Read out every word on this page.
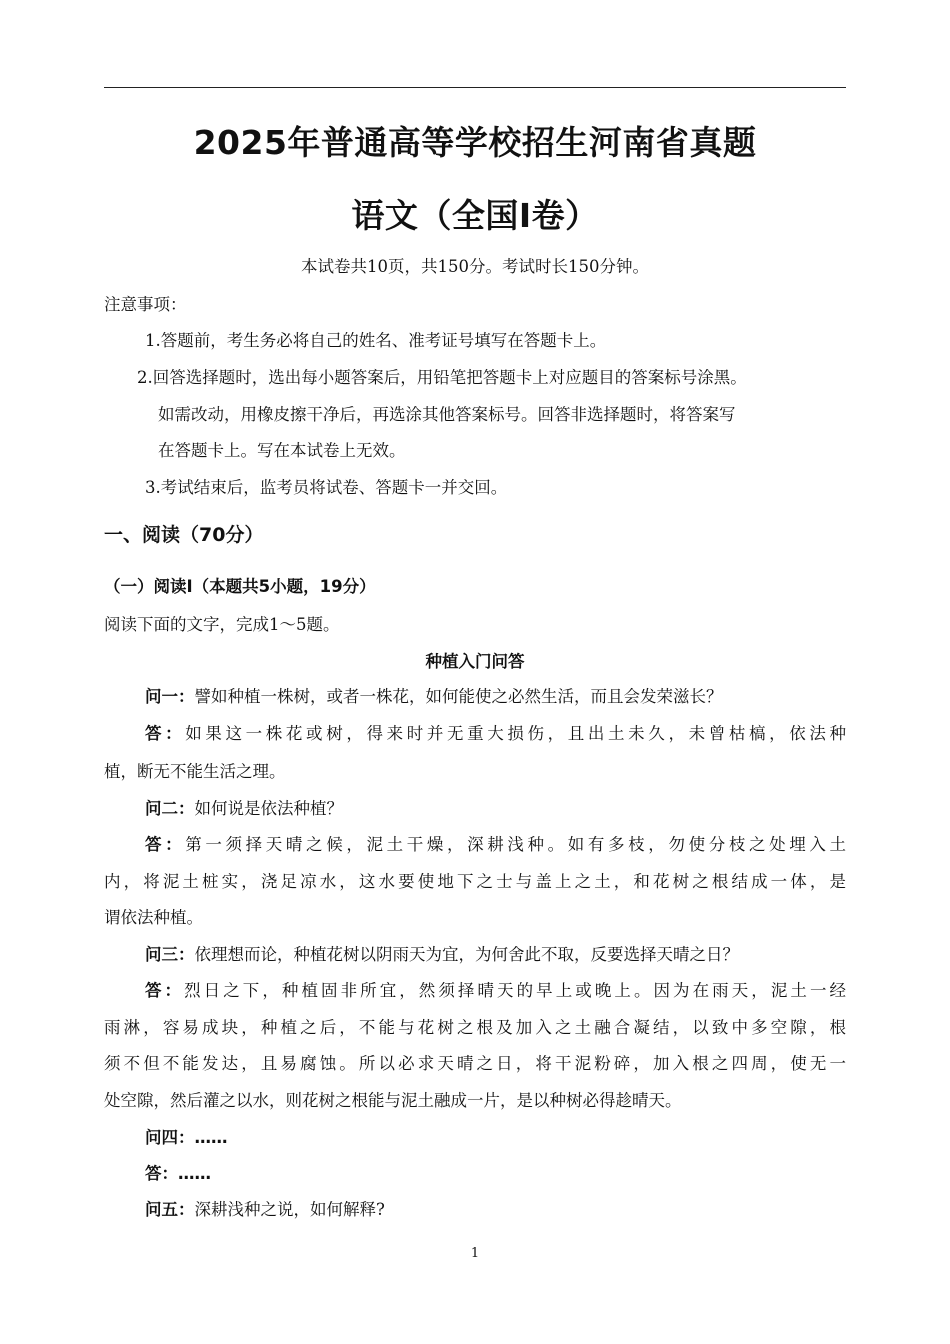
2025年普通高等学校招生河南省真题
语文（全国Ⅰ卷）
本试卷共10页，共150分。考试时长150分钟。
注意事项：
1.答题前，考生务必将自己的姓名、准考证号填写在答题卡上。
2.回答选择题时，选出每小题答案后，用铅笔把答题卡上对应题目的答案标号涂黑。
如需改动，用橡皮擦干净后，再选涂其他答案标号。回答非选择题时，将答案写
在答题卡上。写在本试卷上无效。
3.考试结束后，监考员将试卷、答题卡一并交回。
一、阅读（70分）
（一）阅读Ⅰ（本题共5小题，19分）
阅读下面的文字，完成1～5题。
种植入门问答
问一：譬如种植一株树，或者一株花，如何能使之必然生活，而且会发荣滋长？
答：如果这一株花或树，得来时并无重大损伤，且出土未久，未曾枯槁，依法种
植，断无不能生活之理。
问二：如何说是依法种植？
答：第一须择天晴之候，泥土干燥，深耕浅种。如有多枝，勿使分枝之处埋入土
内，将泥土桩实，浇足凉水，这水要使地下之士与盖上之土，和花树之根结成一体，是
谓依法种植。
问三：依理想而论，种植花树以阴雨天为宜，为何舍此不取，反要选择天晴之日？
答：烈日之下，种植固非所宜，然须择晴天的早上或晚上。因为在雨天，泥土一经
雨淋，容易成块，种植之后，不能与花树之根及加入之土融合凝结，以致中多空隙，根
须不但不能发达，且易腐蚀。所以必求天晴之日，将干泥粉碎，加入根之四周，使无一
处空隙，然后灌之以水，则花树之根能与泥土融成一片，是以种树必得趁晴天。
问四：……
答：……
问五：深耕浅种之说，如何解释?
1
